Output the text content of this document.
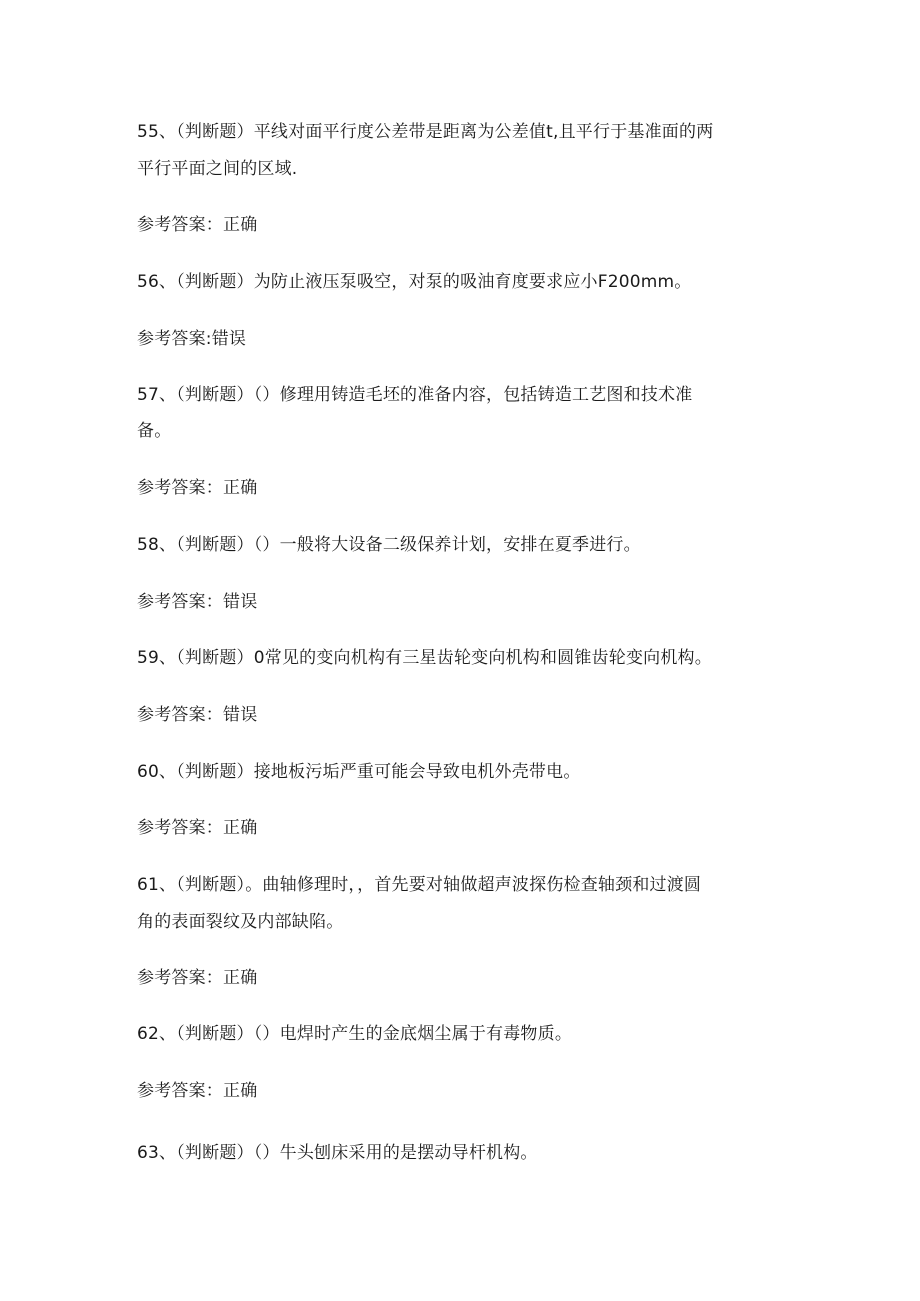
55、（判断题）平线对面平行度公差带是距离为公差值t,且平行于基准面的两
平行平面之间的区域.
参考答案：正确
56、（判断题）为防止液压泵吸空，对泵的吸油育度要求应小F200mm。
参考答案:错误
57、（判断题）（）修理用铸造毛坯的准备内容，包括铸造工艺图和技术准
备。
参考答案：正确
58、（判断题）（）一般将大设备二级保养计划，安排在夏季进行。
参考答案：错误
59、（判断题）0常见的变向机构有三星齿轮变向机构和圆锥齿轮变向机构。
参考答案：错误
60、（判断题）接地板污垢严重可能会导致电机外壳带电。
参考答案：正确
61、（判断题）。曲轴修理时，，首先要对轴做超声波探伤检查轴颈和过渡圆
角的表面裂纹及内部缺陷。
参考答案：正确
62、（判断题）（）电焊时产生的金底烟尘属于有毒物质。
参考答案：正确
63、（判断题）（）牛头刨床采用的是摆动导杆机构。
